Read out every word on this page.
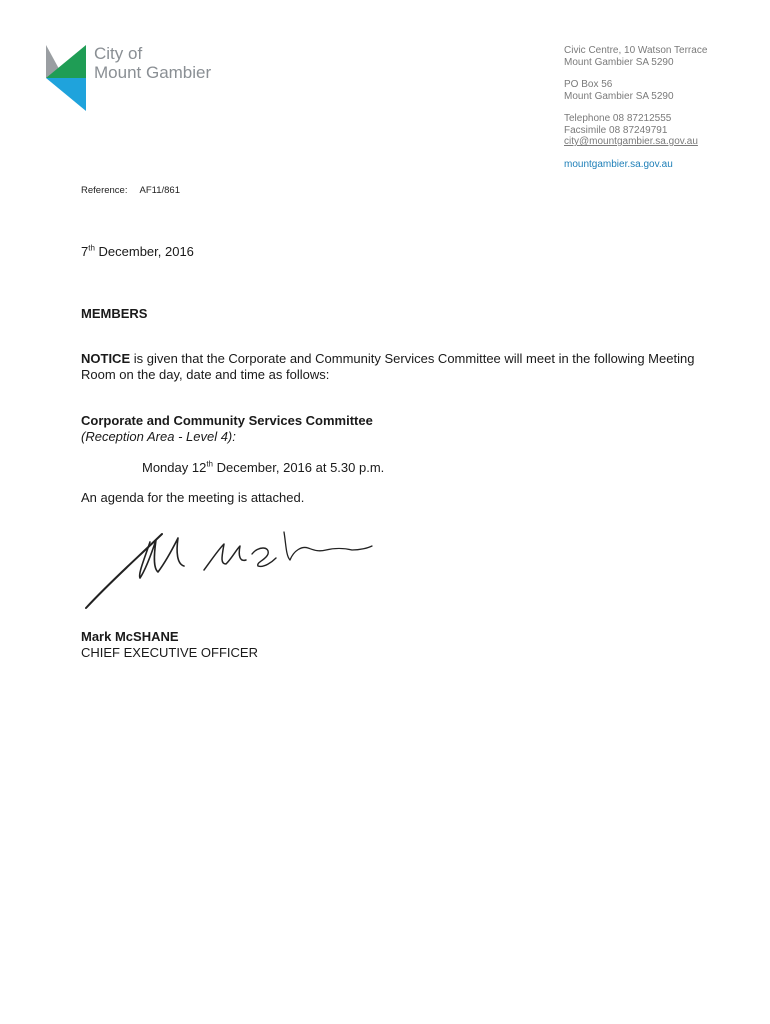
City of
Mount Gambier
Civic Centre, 10 Watson Terrace
Mount Gambier SA 5290
PO Box 56
Mount Gambier SA 5290
Telephone 08 87212555
Facsimile 08 87249791
city@mountgambier.sa.gov.au
mountgambier.sa.gov.au
Reference: AF11/861
7th December, 2016
MEMBERS
NOTICE is given that the Corporate and Community Services Committee will meet in the following Meeting Room on the day, date and time as follows:
Corporate and Community Services Committee
(Reception Area - Level 4):
Monday 12th December, 2016 at 5.30 p.m.
An agenda for the meeting is attached.
Mark McSHANE
CHIEF EXECUTIVE OFFICER
